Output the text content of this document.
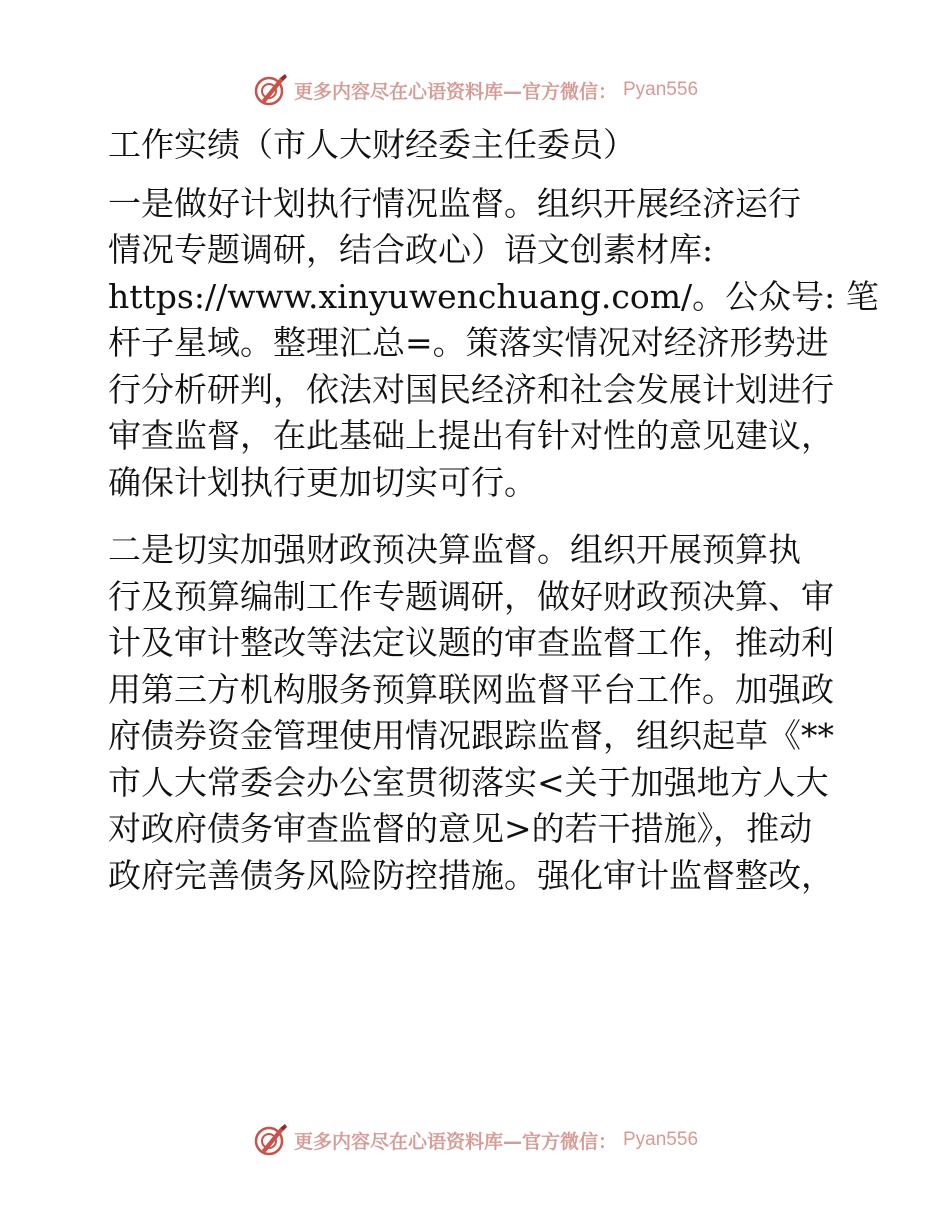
更多内容尽在心语资料库—官方微信： Pyan556

工作实绩（市人大财经委主任委员）

一是做好计划执行情况监督。组织开展经济运行
情况专题调研，结合政心）语文创素材库:
https://www.xinyuwenchuang.com/。公众号: 笔
杆子星域。整理汇总=。策落实情况对经济形势进
行分析研判，依法对国民经济和社会发展计划进行
审查监督，在此基础上提出有针对性的意见建议，
确保计划执行更加切实可行。

二是切实加强财政预决算监督。组织开展预算执
行及预算编制工作专题调研，做好财政预决算、审
计及审计整改等法定议题的审查监督工作，推动利
用第三方机构服务预算联网监督平台工作。加强政
府债券资金管理使用情况跟踪监督，组织起草《**
市人大常委会办公室贯彻落实<关于加强地方人大
对政府债务审查监督的意见>的若干措施》，推动
政府完善债务风险防控措施。强化审计监督整改，

更多内容尽在心语资料库—官方微信： Pyan556
